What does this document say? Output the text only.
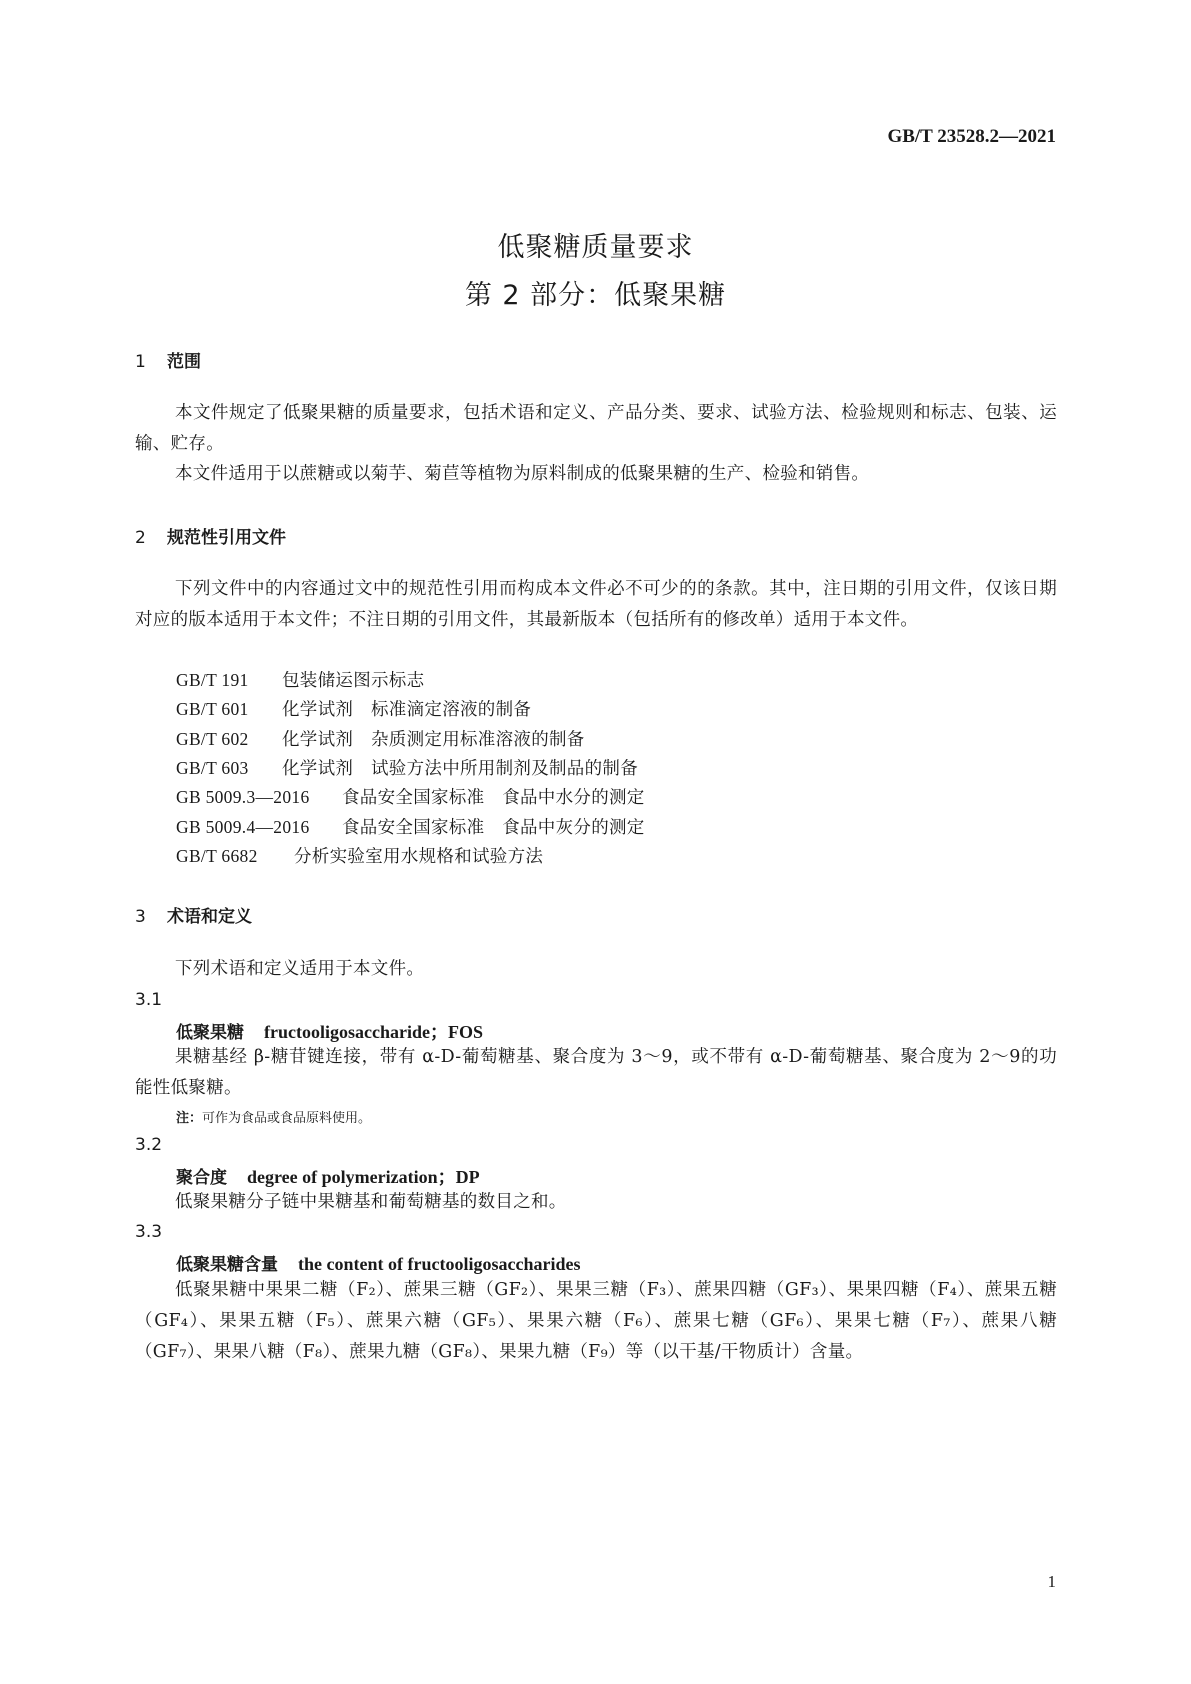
GB/T 23528.2—2021
低聚糖质量要求
第 2 部分：低聚果糖
1 范围
本文件规定了低聚果糖的质量要求，包括术语和定义、产品分类、要求、试验方法、检验规则和标志、包装、运输、贮存。
本文件适用于以蔗糖或以菊芋、菊苣等植物为原料制成的低聚果糖的生产、检验和销售。
2 规范性引用文件
下列文件中的内容通过文中的规范性引用而构成本文件必不可少的的条款。其中，注日期的引用文件，仅该日期对应的版本适用于本文件；不注日期的引用文件，其最新版本（包括所有的修改单）适用于本文件。
GB/T 191 包装储运图示标志
GB/T 601 化学试剂　标准滴定溶液的制备
GB/T 602 化学试剂　杂质测定用标准溶液的制备
GB/T 603 化学试剂　试验方法中所用制剂及制品的制备
GB 5009.3—2016 食品安全国家标准　食品中水分的测定
GB 5009.4—2016 食品安全国家标准　食品中灰分的测定
GB/T 6682 分析实验室用水规格和试验方法
3 术语和定义
下列术语和定义适用于本文件。
3.1
低聚果糖 fructooligosaccharide；FOS
果糖基经 β-糖苷键连接，带有 α-D-葡萄糖基、聚合度为 3～9，或不带有 α-D-葡萄糖基、聚合度为 2～9的功能性低聚糖。
注：可作为食品或食品原料使用。
3.2
聚合度 degree of polymerization；DP
低聚果糖分子链中果糖基和葡萄糖基的数目之和。
3.3
低聚果糖含量 the content of fructooligosaccharides
低聚果糖中果果二糖（F₂）、蔗果三糖（GF₂）、果果三糖（F₃）、蔗果四糖（GF₃）、果果四糖（F₄）、蔗果五糖（GF₄）、果果五糖（F₅）、蔗果六糖（GF₅）、果果六糖（F₆）、蔗果七糖（GF₆）、果果七糖（F₇）、蔗果八糖（GF₇）、果果八糖（F₈）、蔗果九糖（GF₈）、果果九糖（F₉）等（以干基/干物质计）含量。
1
